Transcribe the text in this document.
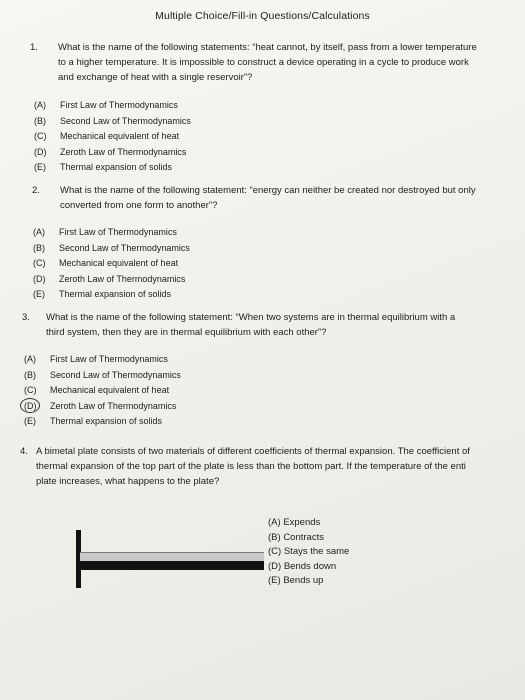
Multiple Choice/Fill-in Questions/Calculations
1. What is the name of the following statements: “heat cannot, by itself, pass from a lower temperature
to a higher temperature. It is impossible to construct a device operating in a cycle to produce work
and exchange of heat with a single reservoir”?
(A) First Law of Thermodynamics
(B) Second Law of Thermodynamics
(C) Mechanical equivalent of heat
(D) Zeroth Law of Thermodynamics
(E) Thermal expansion of solids
2. What is the name of the following statement: “energy can neither be created nor destroyed but only
converted from one form to another”?
(A) First Law of Thermodynamics
(B) Second Law of Thermodynamics
(C) Mechanical equivalent of heat
(D) Zeroth Law of Thermodynamics
(E) Thermal expansion of solids
3. What is the name of the following statement: “When two systems are in thermal equilibrium with a
third system, then they are in thermal equilibrium with each other”?
(A) First Law of Thermodynamics
(B) Second Law of Thermodynamics
(C) Mechanical equivalent of heat
(D) Zeroth Law of Thermodynamics
(E) Thermal expansion of solids
4. A bimetal plate consists of two materials of different coefficients of thermal expansion. The coefficient of
thermal expansion of the top part of the plate is less than the bottom part. If the temperature of the enti
plate increases, what happens to the plate?
(A) Expends
(B) Contracts
(C) Stays the same
(D) Bends down
(E) Bends up
